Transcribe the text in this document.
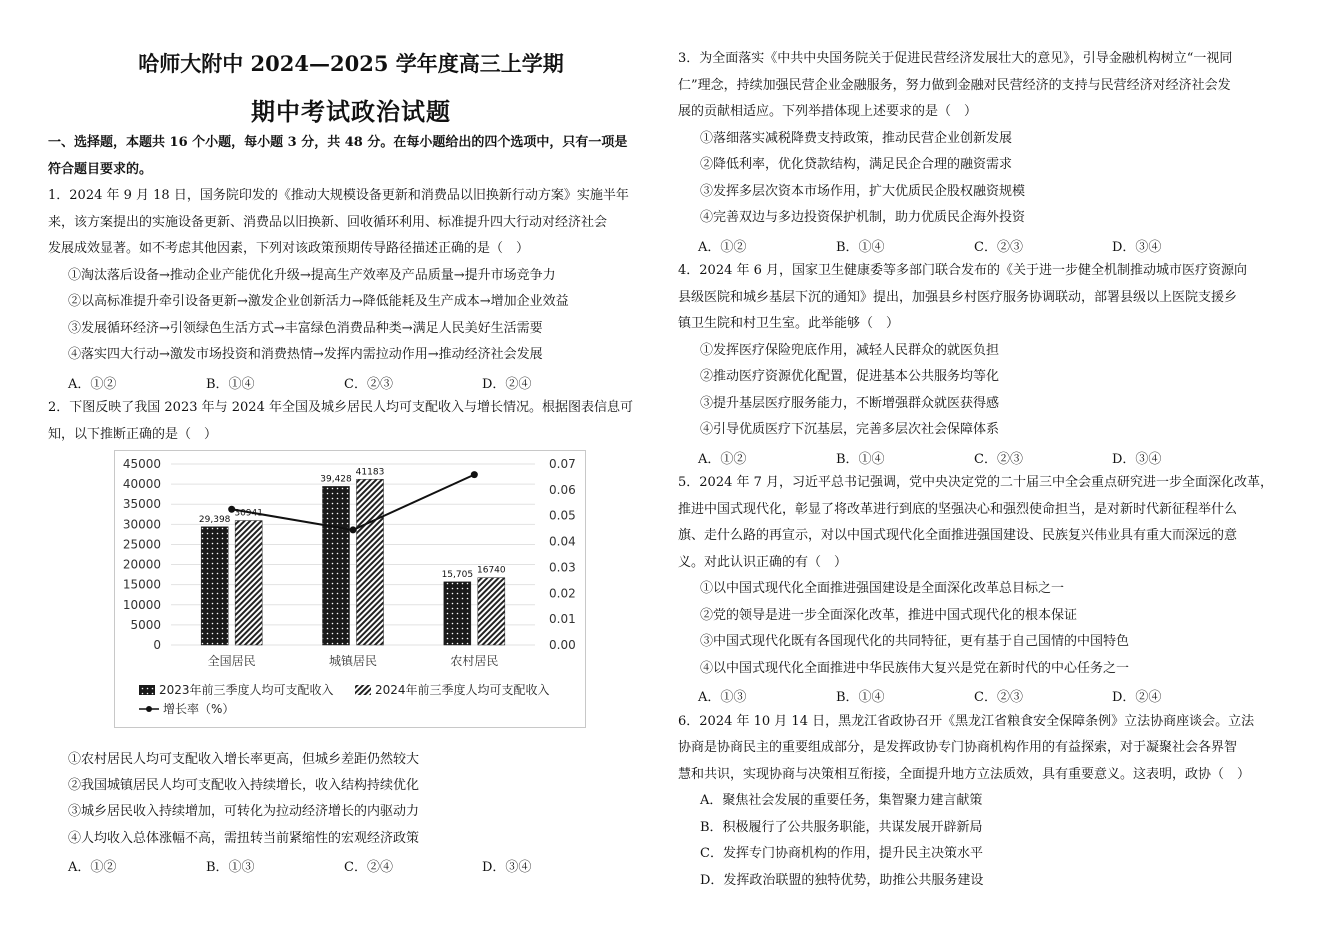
哈师大附中 2024—2025 学年度高三上学期
期中考试政治试题
一、选择题，本题共 16 个小题，每小题 3 分，共 48 分。在每小题给出的四个选项中，只有一项是
符合题目要求的。
1．2024 年 9 月 18 日，国务院印发的《推动大规模设备更新和消费品以旧换新行动方案》实施半年
来，该方案提出的实施设备更新、消费品以旧换新、回收循环利用、标准提升四大行动对经济社会
发展成效显著。如不考虑其他因素，下列对该政策预期传导路径描述正确的是（　）
①淘汰落后设备→推动企业产能优化升级→提高生产效率及产品质量→提升市场竞争力
②以高标准提升牵引设备更新→激发企业创新活力→降低能耗及生产成本→增加企业效益
③发展循环经济→引领绿色生活方式→丰富绿色消费品种类→满足人民美好生活需要
④落实四大行动→激发市场投资和消费热情→发挥内需拉动作用→推动经济社会发展
A．①②	B．①④	C．②③	D．②④
2．下图反映了我国 2023 年与 2024 年全国及城乡居民人均可支配收入与增长情况。根据图表信息可
知，以下推断正确的是（　）
29,398
30941
39,428
41183
15,705 16740
0
5000
10000
15000
20000
25000
30000
35000
40000
45000
0.00
0.01
0.02
0.03
0.04
0.05
0.06
0.07
全国居民	城镇居民	农村居民
2023年前三季度人均可支配收入	2024年前三季度人均可支配收入
增长率（%）
①农村居民人均可支配收入增长率更高，但城乡差距仍然较大
②我国城镇居民人均可支配收入持续增长，收入结构持续优化
③城乡居民收入持续增加，可转化为拉动经济增长的内驱动力
④人均收入总体涨幅不高，需扭转当前紧缩性的宏观经济政策
A．①②	B．①③	C．②④	D．③④
3．为全面落实《中共中央国务院关于促进民营经济发展壮大的意见》，引导金融机构树立“一视同
仁”理念，持续加强民营企业金融服务，努力做到金融对民营经济的支持与民营经济对经济社会发
展的贡献相适应。下列举措体现上述要求的是（　）
①落细落实减税降费支持政策，推动民营企业创新发展
②降低利率，优化贷款结构，满足民企合理的融资需求
③发挥多层次资本市场作用，扩大优质民企股权融资规模
④完善双边与多边投资保护机制，助力优质民企海外投资
A．①②	B．①④	C．②③	D．③④
4．2024 年 6 月，国家卫生健康委等多部门联合发布的《关于进一步健全机制推动城市医疗资源向
县级医院和城乡基层下沉的通知》提出，加强县乡村医疗服务协调联动，部署县级以上医院支援乡
镇卫生院和村卫生室。此举能够（　）
①发挥医疗保险兜底作用，减轻人民群众的就医负担
②推动医疗资源优化配置，促进基本公共服务均等化
③提升基层医疗服务能力，不断增强群众就医获得感
④引导优质医疗下沉基层，完善多层次社会保障体系
A．①②	B．①④	C．②③	D．③④
5．2024 年 7 月，习近平总书记强调，党中央决定党的二十届三中全会重点研究进一步全面深化改革，
推进中国式现代化，彰显了将改革进行到底的坚强决心和强烈使命担当，是对新时代新征程举什么
旗、走什么路的再宣示，对以中国式现代化全面推进强国建设、民族复兴伟业具有重大而深远的意
义。对此认识正确的有（　）
①以中国式现代化全面推进强国建设是全面深化改革总目标之一
②党的领导是进一步全面深化改革，推进中国式现代化的根本保证
③中国式现代化既有各国现代化的共同特征，更有基于自己国情的中国特色
④以中国式现代化全面推进中华民族伟大复兴是党在新时代的中心任务之一
A．①③	B．①④	C．②③	D．②④
6．2024 年 10 月 14 日，黑龙江省政协召开《黑龙江省粮食安全保障条例》立法协商座谈会。立法
协商是协商民主的重要组成部分，是发挥政协专门协商机构作用的有益探索，对于凝聚社会各界智
慧和共识，实现协商与决策相互衔接，全面提升地方立法质效，具有重要意义。这表明，政协（　）
A．聚焦社会发展的重要任务，集智聚力建言献策
B．积极履行了公共服务职能，共谋发展开辟新局
C．发挥专门协商机构的作用，提升民主决策水平
D．发挥政治联盟的独特优势，助推公共服务建设
